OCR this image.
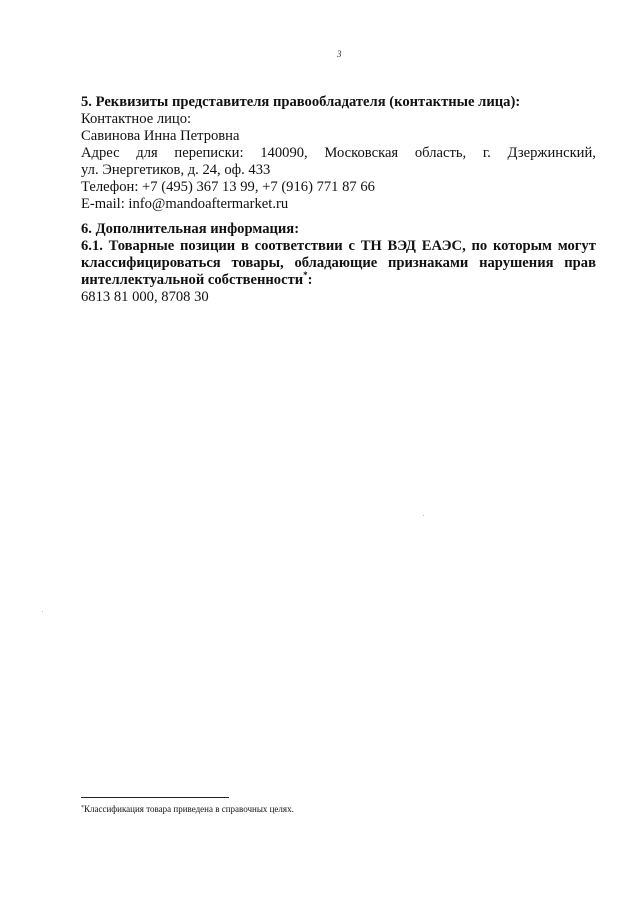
3

5. Реквизиты представителя правообладателя (контактные лица):

Контактное лицо:

Савинова Инна Петровна

Адрес для переписки: 140090, Московская область, г. Дзержинский,

ул. Энергетиков, д. 24, оф. 433

Телефон: +7 (495) 367 13 99, +7 (916) 771 87 66

E-mail: info@mandoaftermarket.ru

6. Дополнительная информация:

6.1. Товарные позиции в соответствии с ТН ВЭД ЕАЭС, по которым могут
классифицироваться товары, обладающие признаками нарушения прав

интеллектуальной собственности*:

6813 81 000, 8708 30

*Классификация товара приведена в справочных целях.
